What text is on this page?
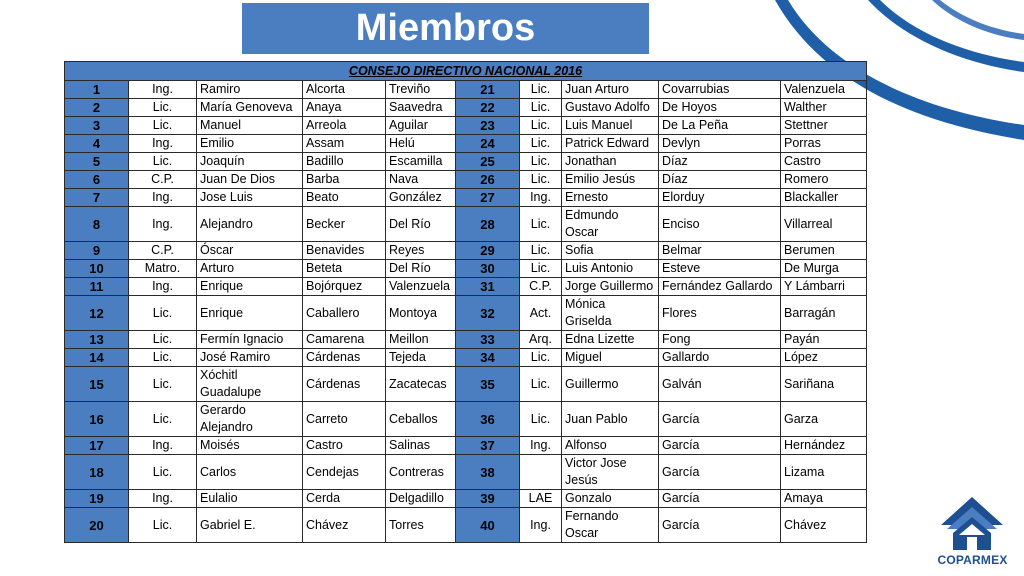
Miembros
CONSEJO DIRECTIVO NACIONAL 2016									
1	Ing.	Ramiro	Alcorta	Treviño	21	Lic.	Juan Arturo	Covarrubias	Valenzuela
2	Lic.	María Genoveva	Anaya	Saavedra	22	Lic.	Gustavo Adolfo	De Hoyos	Walther
3	Lic.	Manuel	Arreola	Aguilar	23	Lic.	Luis Manuel	De La Peña	Stettner
4	Ing.	Emilio	Assam	Helú	24	Lic.	Patrick Edward	Devlyn	Porras
5	Lic.	Joaquín	Badillo	Escamilla	25	Lic.	Jonathan	Díaz	Castro
6	C.P.	Juan De Dios	Barba	Nava	26	Lic.	Emilio Jesús	Díaz	Romero
7	Ing.	Jose Luis	Beato	González	27	Ing.	Ernesto	Elorduy	Blackaller
8	Ing.	Alejandro	Becker	Del Río	28	Lic.	Edmundo Oscar	Enciso	Villarreal
9	C.P.	Óscar	Benavides	Reyes	29	Lic.	Sofia	Belmar	Berumen
10	Matro.	Arturo	Beteta	Del Río	30	Lic.	Luis Antonio	Esteve	De Murga
11	Ing.	Enrique	Bojórquez	Valenzuela	31	C.P.	Jorge Guillermo	Fernández Gallardo	Y Lámbarri
12	Lic.	Enrique	Caballero	Montoya	32	Act.	Mónica Griselda	Flores	Barragán
13	Lic.	Fermín Ignacio	Camarena	Meillon	33	Arq.	Edna Lizette	Fong	Payán
14	Lic.	José Ramiro	Cárdenas	Tejeda	34	Lic.	Miguel	Gallardo	López
15	Lic.	Xóchitl Guadalupe	Cárdenas	Zacatecas	35	Lic.	Guillermo	Galván	Sariñana
16	Lic.	Gerardo Alejandro	Carreto	Ceballos	36	Lic.	Juan Pablo	García	Garza
17	Ing.	Moisés	Castro	Salinas	37	Ing.	Alfonso	García	Hernández
18	Lic.	Carlos	Cendejas	Contreras	38		Victor Jose Jesús	García	Lizama
19	Ing.	Eulalio	Cerda	Delgadillo	39	LAE	Gonzalo	García	Amaya
20	Lic.	Gabriel E.	Chávez	Torres	40	Ing.	Fernando Oscar	García	Chávez
COPARMEX
